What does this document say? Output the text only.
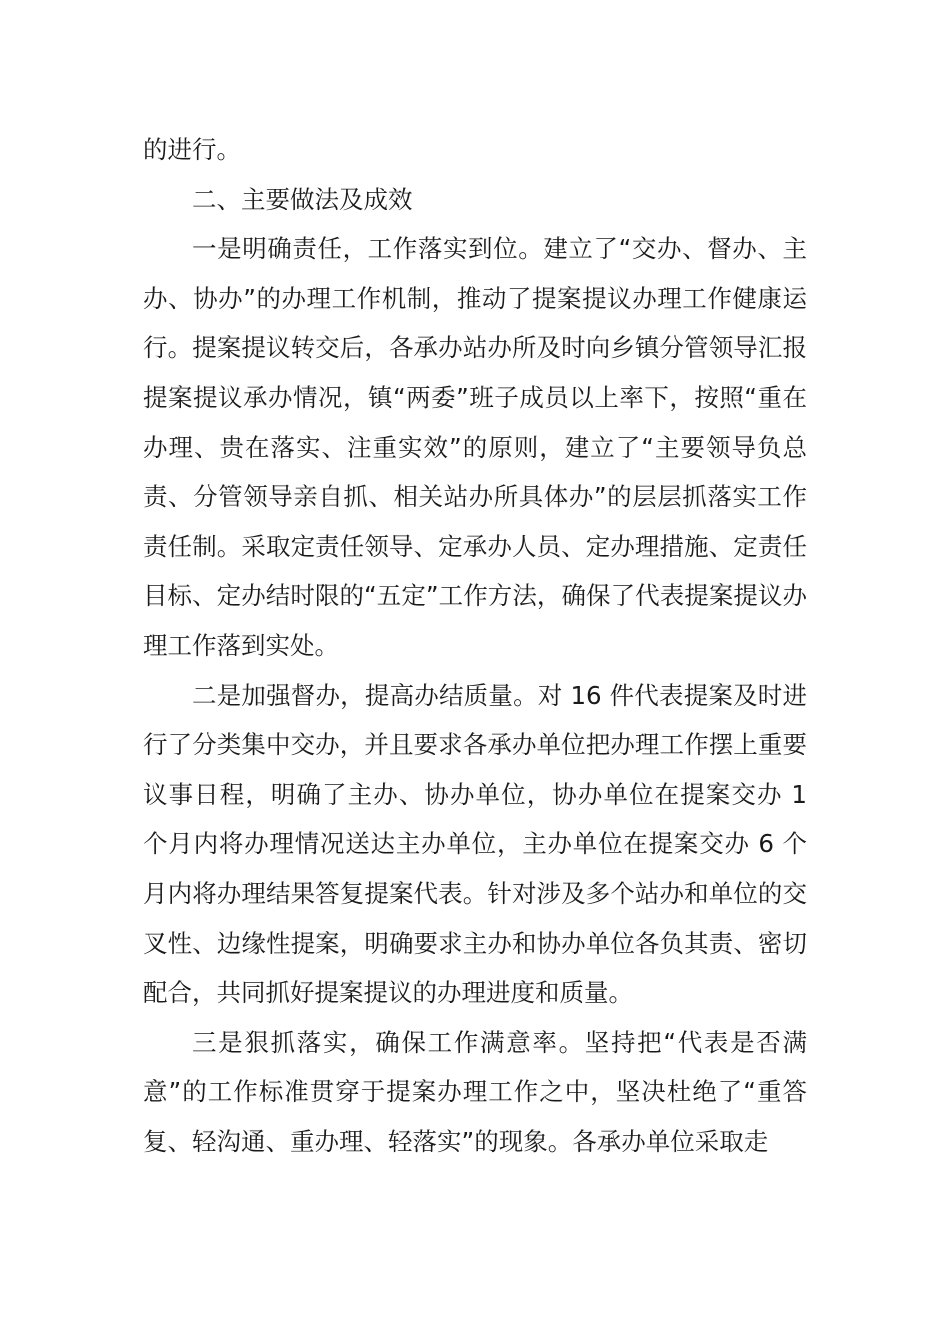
的进行。

二、主要做法及成效

一是明确责任，工作落实到位。建立了“交办、督办、主办、协办”的办理工作机制，推动了提案提议办理工作健康运行。提案提议转交后，各承办站办所及时向乡镇分管领导汇报提案提议承办情况，镇“两委”班子成员以上率下，按照“重在办理、贵在落实、注重实效”的原则，建立了“主要领导负总责、分管领导亲自抓、相关站办所具体办”的层层抓落实工作责任制。采取定责任领导、定承办人员、定办理措施、定责任目标、定办结时限的“五定”工作方法，确保了代表提案提议办理工作落到实处。

二是加强督办，提高办结质量。对 16 件代表提案及时进行了分类集中交办，并且要求各承办单位把办理工作摆上重要议事日程，明确了主办、协办单位，协办单位在提案交办 1 个月内将办理情况送达主办单位，主办单位在提案交办 6 个月内将办理结果答复提案代表。针对涉及多个站办和单位的交叉性、边缘性提案，明确要求主办和协办单位各负其责、密切配合，共同抓好提案提议的办理进度和质量。

三是狠抓落实，确保工作满意率。坚持把“代表是否满意”的工作标准贯穿于提案办理工作之中，坚决杜绝了“重答复、轻沟通、重办理、轻落实”的现象。各承办单位采取走
